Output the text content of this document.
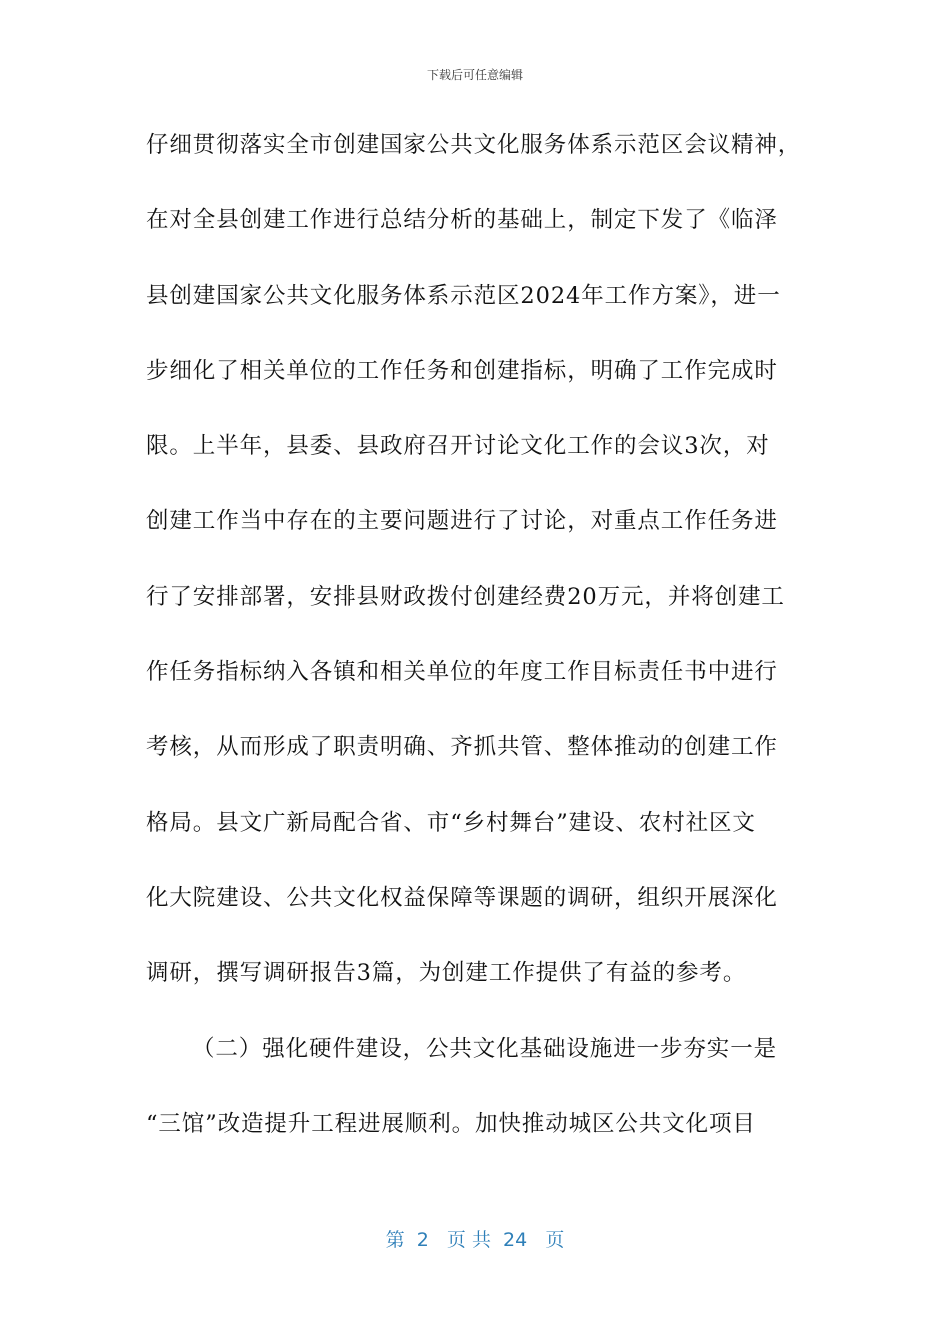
下载后可任意编辑
仔细贯彻落实全市创建国家公共文化服务体系示范区会议精神，
在对全县创建工作进行总结分析的基础上，制定下发了《临泽
县创建国家公共文化服务体系示范区2024年工作方案》，进一
步细化了相关单位的工作任务和创建指标，明确了工作完成时
限。上半年，县委、县政府召开讨论文化工作的会议3次，对
创建工作当中存在的主要问题进行了讨论，对重点工作任务进
行了安排部署，安排县财政拨付创建经费20万元，并将创建工
作任务指标纳入各镇和相关单位的年度工作目标责任书中进行
考核，从而形成了职责明确、齐抓共管、整体推动的创建工作
格局。县文广新局配合省、市“乡村舞台”建设、农村社区文
化大院建设、公共文化权益保障等课题的调研，组织开展深化
调研，撰写调研报告3篇，为创建工作提供了有益的参考。
（二）强化硬件建设，公共文化基础设施进一步夯实一是
“三馆”改造提升工程进展顺利。加快推动城区公共文化项目
第  2   页 共  24   页
